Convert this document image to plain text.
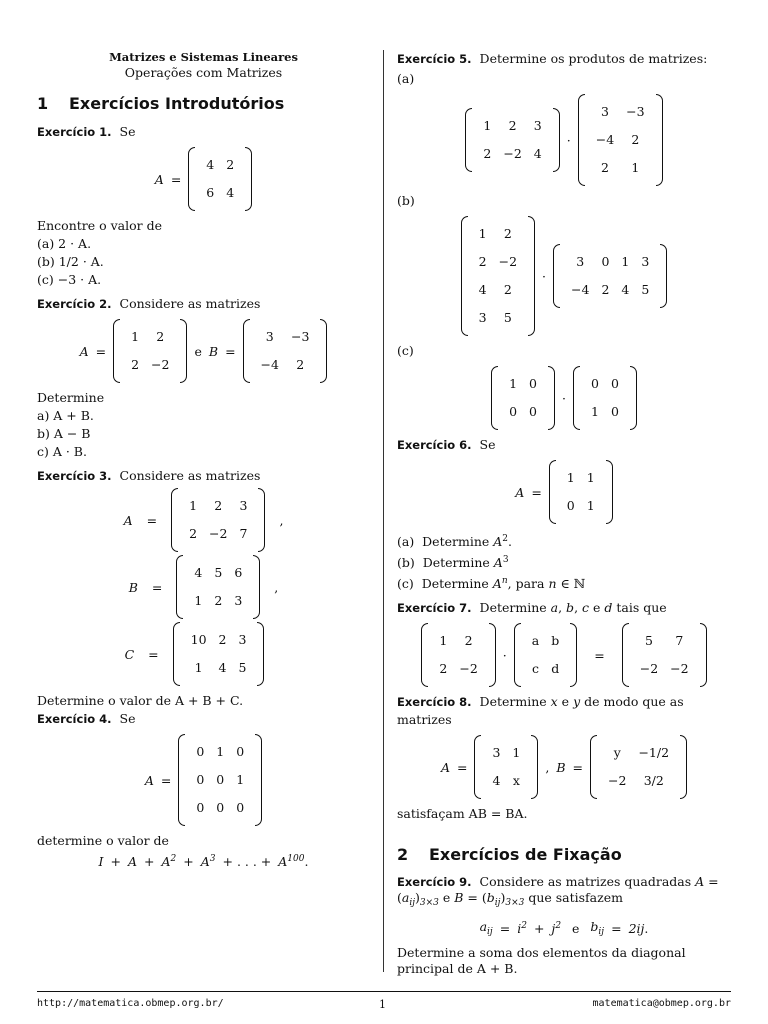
Matrizes e Sistemas Lineares
Operações com Matrizes
1 Exercícios Introdutórios

Exercício 1. Se

A =
4	2
6	4

Encontre o valor de

(a) 2 · A.

(b) 1/2 · A.

(c) −3 · A.

Exercício 2. Considere as matrizes

A =
1	2
2	−2
e B =
3	−3
−4	2

Determine

a) A + B.

b) A − B

c) A · B.

Exercício 3. Considere as matrizes

A =
1	2	3
2	−2	7
,
B =
4	5	6
1	2	3
,
C =
10	2	3
1	4	5

Determine o valor de A + B + C.

Exercício 4. Se

A =
0	1	0
0	0	1
0	0	0

determine o valor de

$I + A + A^2 + A^3$ + . . . + $A^{100}$.

Exercício 5. Determine os produtos de matrizes:

(a)

1	2	3
2	−2	4
·
3	−3
−4	2
2	1

(b)

1	2
2	−2
4	2
3	5
·
3	0	1	3
−4	2	4	5

(c)

1	0
0	0
·
0	0
1	0

Exercício 6. Se

A =
1	1
0	1

(a)  Determine $A^2$.

(b)  Determine $A^3$

(c)  Determine $A^n$, para n ∈ ℕ

Exercício 7. Determine a, b, c e d tais que

1	2
2	−2
·
a	b
c	d
=
5	7
−2	−2

Exercício 8. Determine x e y de modo que as matrizes

A =
3	1
4	x
, B =
y	−1/2
−2	3/2

satisfaçam AB = BA.

2 Exercícios de Fixação

Exercício 9. Considere as matrizes quadradas $A = (a_{ij})_{3\times 3}$ e $B = (b_{ij})_{3\times 3}$ que satisfazem

$a_{ij} = i^2 + j^2$ e $b_{ij} = 2ij$.

Determine a soma dos elementos da diagonal principal de A + B.

http://matematica.obmep.org.br/	1	matematica@obmep.org.br
